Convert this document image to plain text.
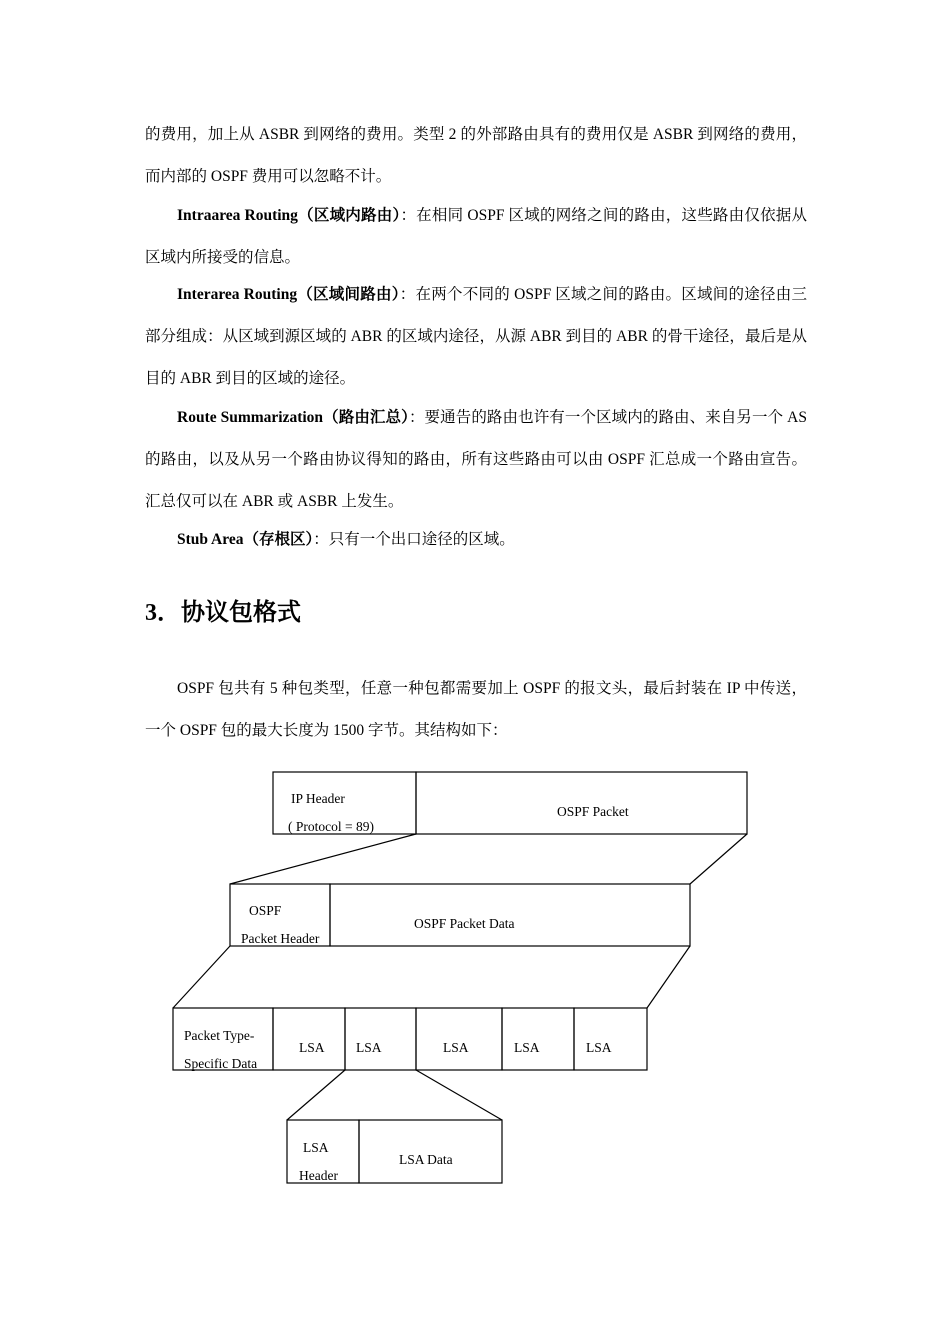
的费用，加上从 ASBR 到网络的费用。类型 2 的外部路由具有的费用仅是 ASBR 到网络的费用，而内部的 OSPF 费用可以忽略不计。

Intraarea Routing（区域内路由）：在相同 OSPF 区域的网络之间的路由，这些路由仅依据从区域内所接受的信息。

Interarea Routing（区域间路由）：在两个不同的 OSPF 区域之间的路由。区域间的途径由三部分组成：从区域到源区域的 ABR 的区域内途径，从源 ABR 到目的 ABR 的骨干途径，最后是从目的 ABR 到目的区域的途径。

Route Summarization（路由汇总）：要通告的路由也许有一个区域内的路由、来自另一个 AS 的路由，以及从另一个路由协议得知的路由，所有这些路由可以由 OSPF 汇总成一个路由宣告。汇总仅可以在 ABR 或 ASBR 上发生。

Stub Area（存根区）：只有一个出口途径的区域。

3．协议包格式

OSPF 包共有 5 种包类型，任意一种包都需要加上 OSPF 的报文头，最后封装在 IP 中传送，一个 OSPF 包的最大长度为 1500 字节。其结构如下：

IP Header
( Protocol = 89)
OSPF Packet
OSPF
Packet Header
OSPF Packet Data
Packet Type-
Specific Data
LSA LSA	LSA	LSA	LSA
LSA
Header
LSA Data
